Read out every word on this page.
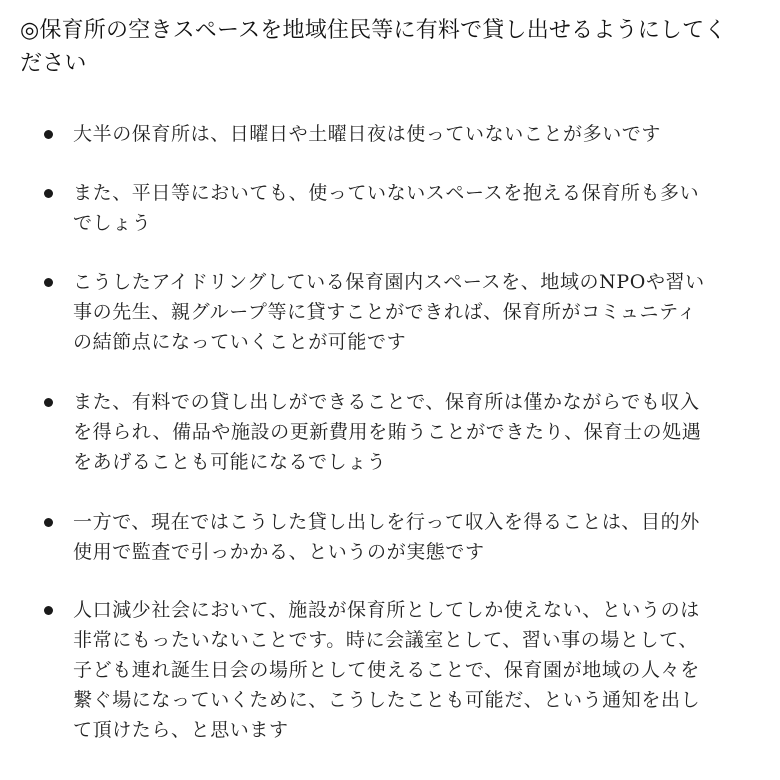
◎保育所の空きスペースを地域住民等に有料で貸し出せるようにしてください

大半の保育所は、日曜日や土曜日夜は使っていないことが多いです

また、平日等においても、使っていないスペースを抱える保育所も多いでしょう

こうしたアイドリングしている保育園内スペースを、地域のNPOや習い事の先生、親グループ等に貸すことができれば、保育所がコミュニティの結節点になっていくことが可能です

また、有料での貸し出しができることで、保育所は僅かながらでも収入を得られ、備品や施設の更新費用を賄うことができたり、保育士の処遇をあげることも可能になるでしょう

一方で、現在ではこうした貸し出しを行って収入を得ることは、目的外使用で監査で引っかかる、というのが実態です

人口減少社会において、施設が保育所としてしか使えない、というのは非常にもったいないことです。時に会議室として、習い事の場として、子ども連れ誕生日会の場所として使えることで、保育園が地域の人々を繋ぐ場になっていくために、こうしたことも可能だ、という通知を出して頂けたら、と思います
